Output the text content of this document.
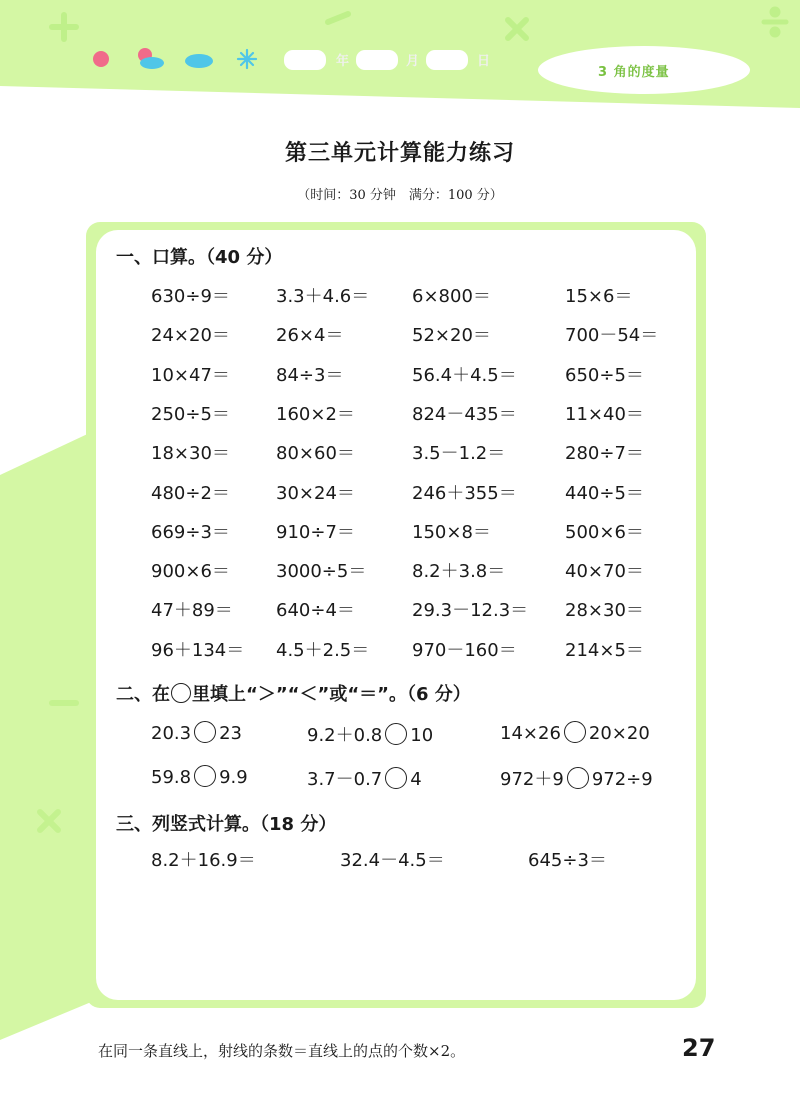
年	月	日
3 角的度量
第三单元计算能力练习
（时间：30 分钟　满分：100 分）
一、口算。（40 分）
630÷9＝	3.3＋4.6＝ 6×800＝	15×6＝
24×20＝	26×4＝	52×20＝	700－54＝
10×47＝	84÷3＝	56.4＋4.5＝	650÷5＝
250÷5＝	160×2＝	824－435＝	11×40＝
18×30＝	80×60＝	3.5－1.2＝	280÷7＝
480÷2＝	30×24＝	246＋355＝	440÷5＝
669÷3＝	910÷7＝	150×8＝	500×6＝
900×6＝	3000÷5＝	8.2＋3.8＝	40×70＝
47＋89＝ 640÷4＝	29.3－12.3＝ 28×30＝
96＋134＝ 4.5＋2.5＝ 970－160＝	214×5＝
二、在 里填上“＞”“＜”或“＝”。（6 分）
20.3 23	9.2＋0.8 10	14×26 20×20
59.8 9.9	3.7－0.7 4	972＋9 972÷9
三、列竖式计算。（18 分）
8.2＋16.9＝	32.4－4.5＝	645÷3＝
在同一条直线上，射线的条数＝直线上的点的个数×2。	27
